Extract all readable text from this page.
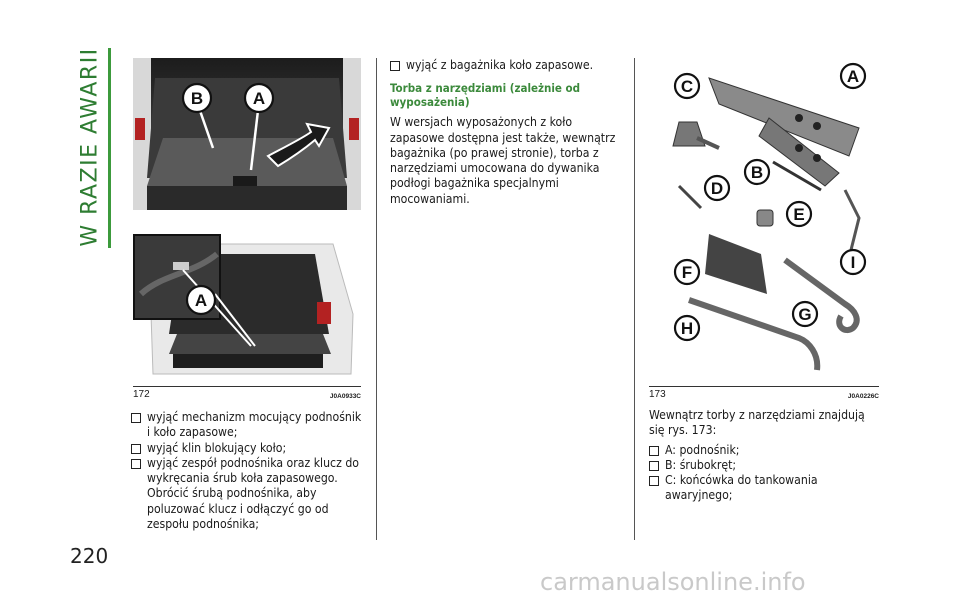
W RAZIE AWARII
220
B	A
A
172	J0A0933C
wyjąć mechanizm mocujący podnośnik i koło zapasowe;
wyjąć klin blokujący koło;
wyjąć zespół podnośnika oraz klucz do wykręcania śrub koła zapasowego. Obrócić śrubą podnośnika, aby poluzować klucz i odłączyć go od zespołu podnośnika;
wyjąć z bagażnika koło zapasowe.
Torba z narzędziami (zależnie od wyposażenia)
W wersjach wyposażonych z koło zapasowe dostępna jest także, wewnątrz bagażnika (po prawej stronie), torba z narzędziami umocowana do dywanika podłogi bagażnika specjalnymi mocowaniami.
A
B
C
D
E
F
G
H
I
173	J0A0226C
Wewnątrz torby z narzędziami znajdują się rys. 173:
A: podnośnik;
B: śrubokręt;
C: końcówka do tankowania awaryjnego;
carmanualsonline.info
